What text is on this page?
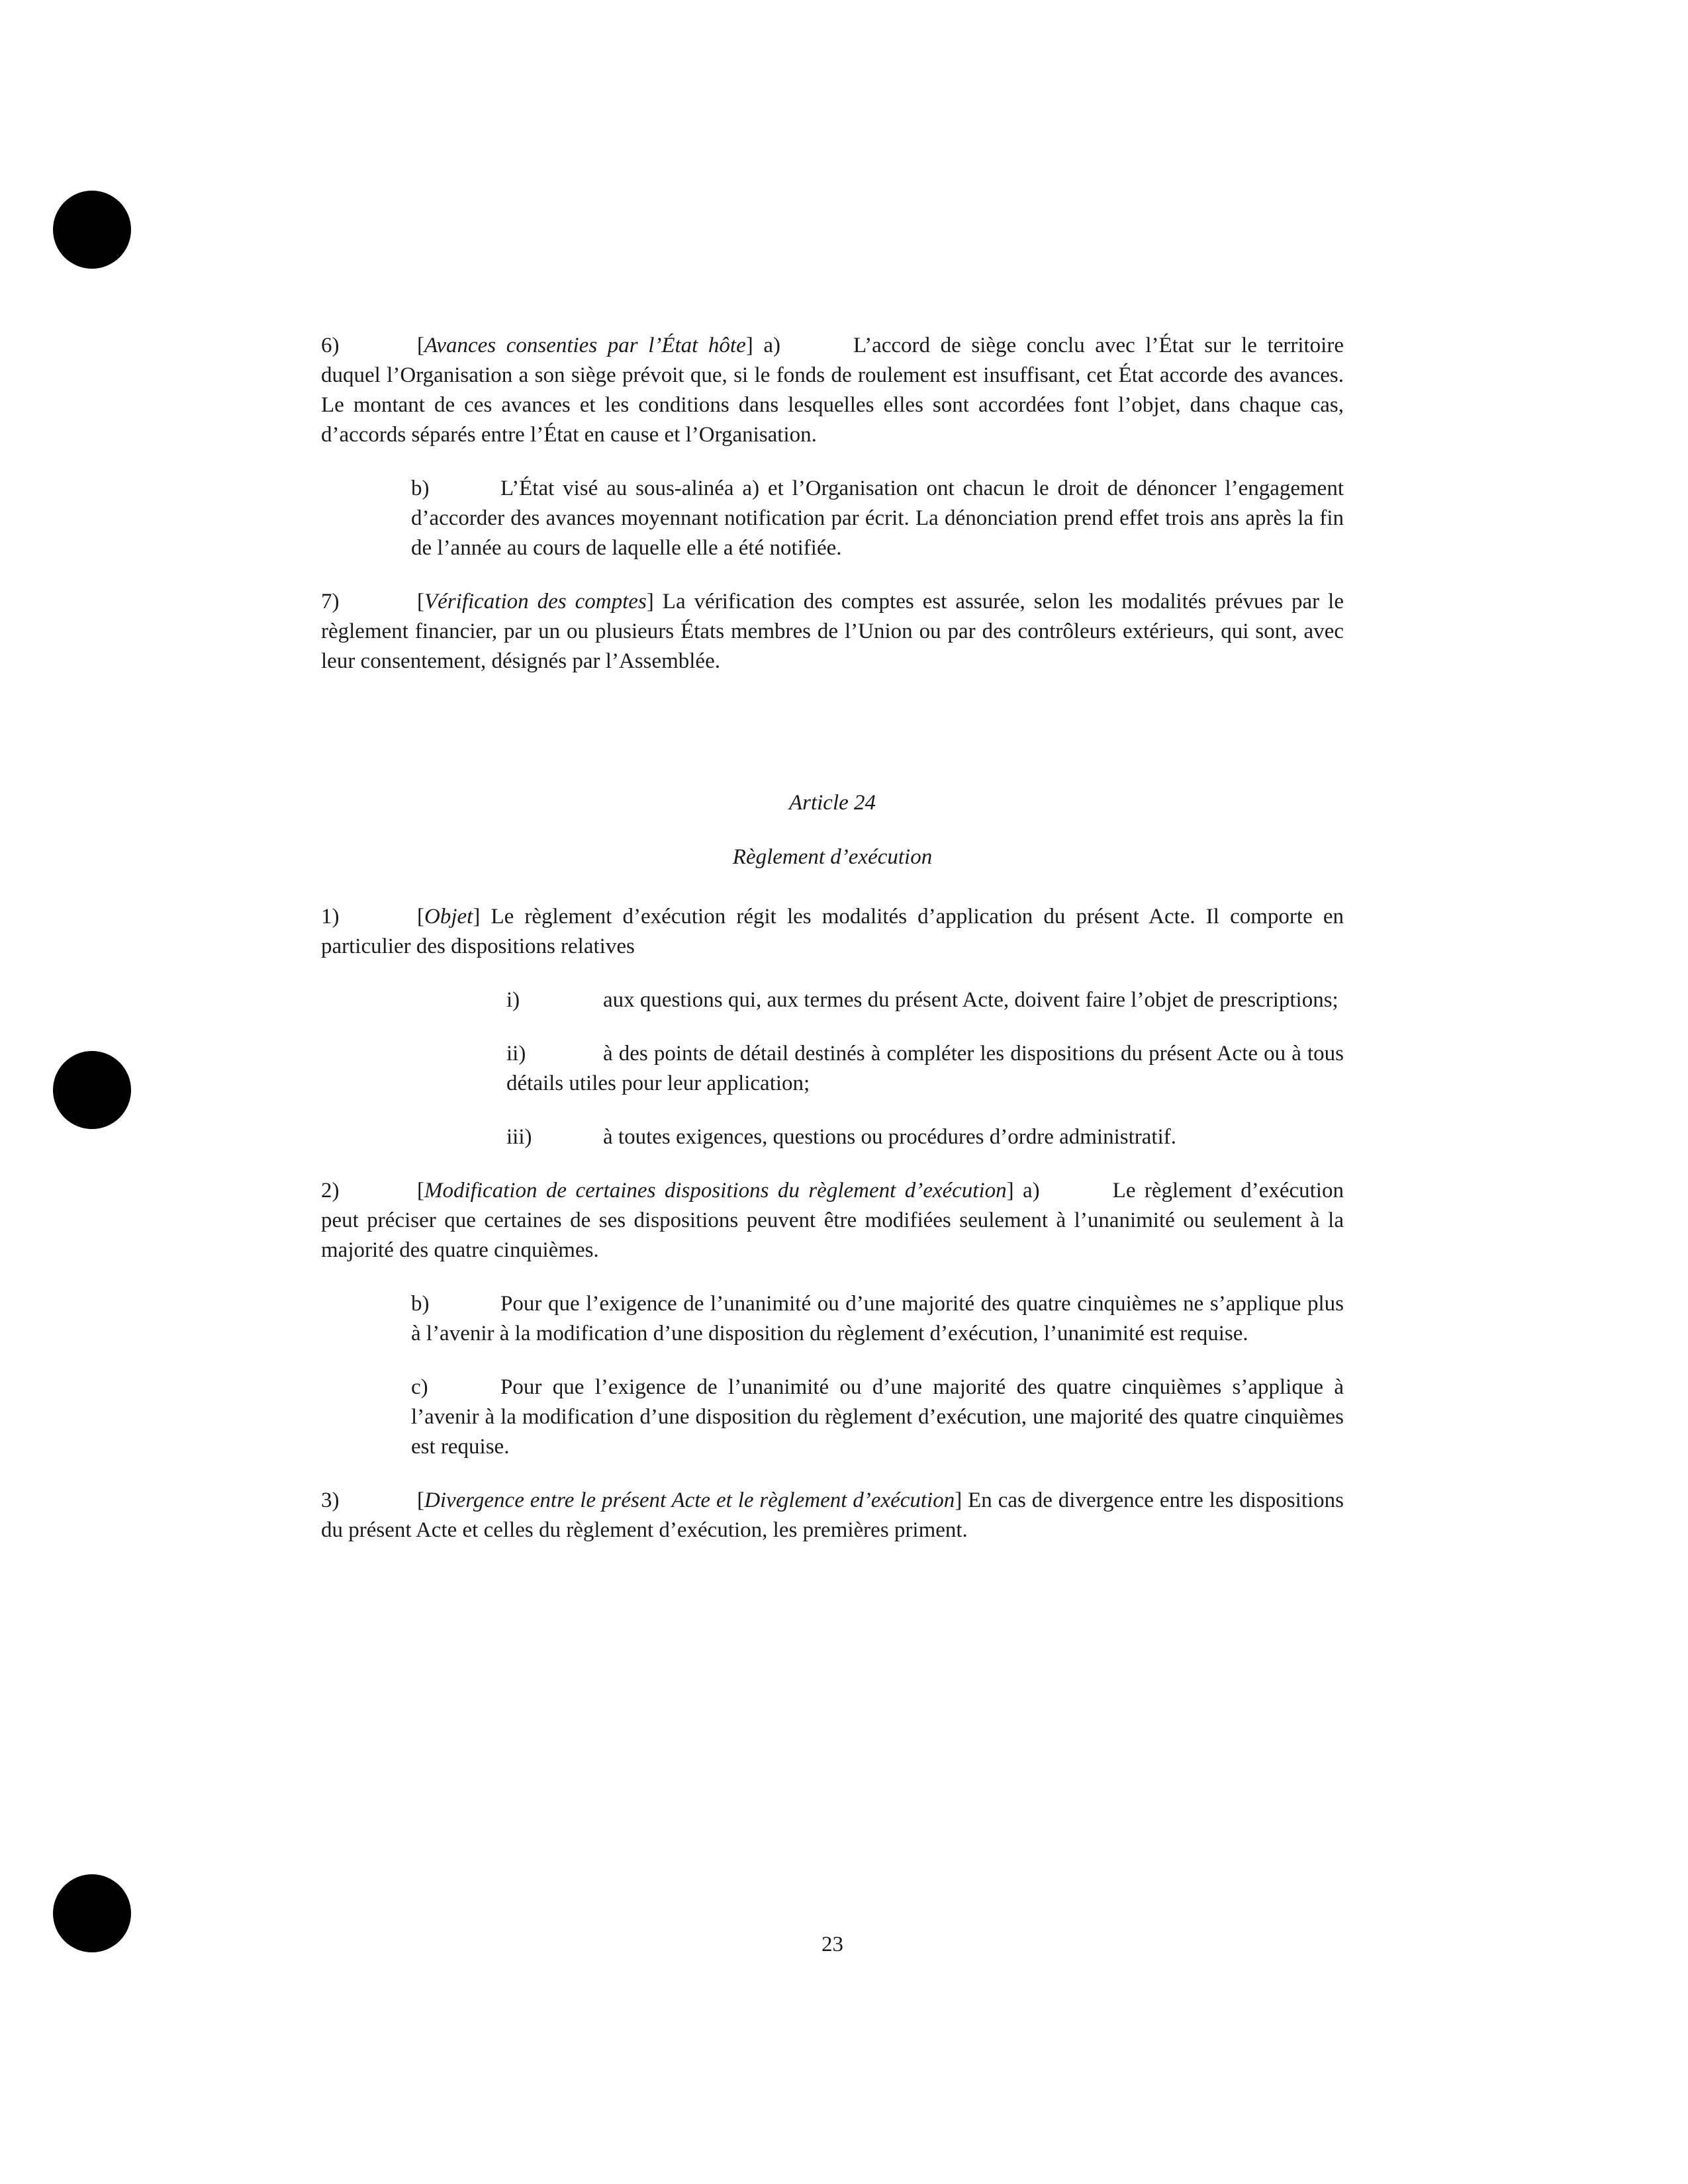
6)	[Avances consenties par l’État hôte] a)	L’accord de siège conclu avec l’État sur le territoire duquel l’Organisation a son siège prévoit que, si le fonds de roulement est insuffisant, cet État accorde des avances. Le montant de ces avances et les conditions dans lesquelles elles sont accordées font l’objet, dans chaque cas, d’accords séparés entre l’État en cause et l’Organisation.

b)	L’État visé au sous-alinéa a) et l’Organisation ont chacun le droit de dénoncer l’engagement d’accorder des avances moyennant notification par écrit. La dénonciation prend effet trois ans après la fin de l’année au cours de laquelle elle a été notifiée.

7)	[Vérification des comptes] La vérification des comptes est assurée, selon les modalités prévues par le règlement financier, par un ou plusieurs États membres de l’Union ou par des contrôleurs extérieurs, qui sont, avec leur consentement, désignés par l’Assemblée.

Article 24
Règlement d’exécution

1)	[Objet] Le règlement d’exécution régit les modalités d’application du présent Acte. Il comporte en particulier des dispositions relatives

i)	aux questions qui, aux termes du présent Acte, doivent faire l’objet de prescriptions;

ii)	à des points de détail destinés à compléter les dispositions du présent Acte ou à tous détails utiles pour leur application;

iii)	à toutes exigences, questions ou procédures d’ordre administratif.

2)	[Modification de certaines dispositions du règlement d’exécution] a)	Le règlement d’exécution peut préciser que certaines de ses dispositions peuvent être modifiées seulement à l’unanimité ou seulement à la majorité des quatre cinquièmes.

b)	Pour que l’exigence de l’unanimité ou d’une majorité des quatre cinquièmes ne s’applique plus à l’avenir à la modification d’une disposition du règlement d’exécution, l’unanimité est requise.

c)	Pour que l’exigence de l’unanimité ou d’une majorité des quatre cinquièmes s’applique à l’avenir à la modification d’une disposition du règlement d’exécution, une majorité des quatre cinquièmes est requise.

3)	[Divergence entre le présent Acte et le règlement d’exécution] En cas de divergence entre les dispositions du présent Acte et celles du règlement d’exécution, les premières priment.

23
